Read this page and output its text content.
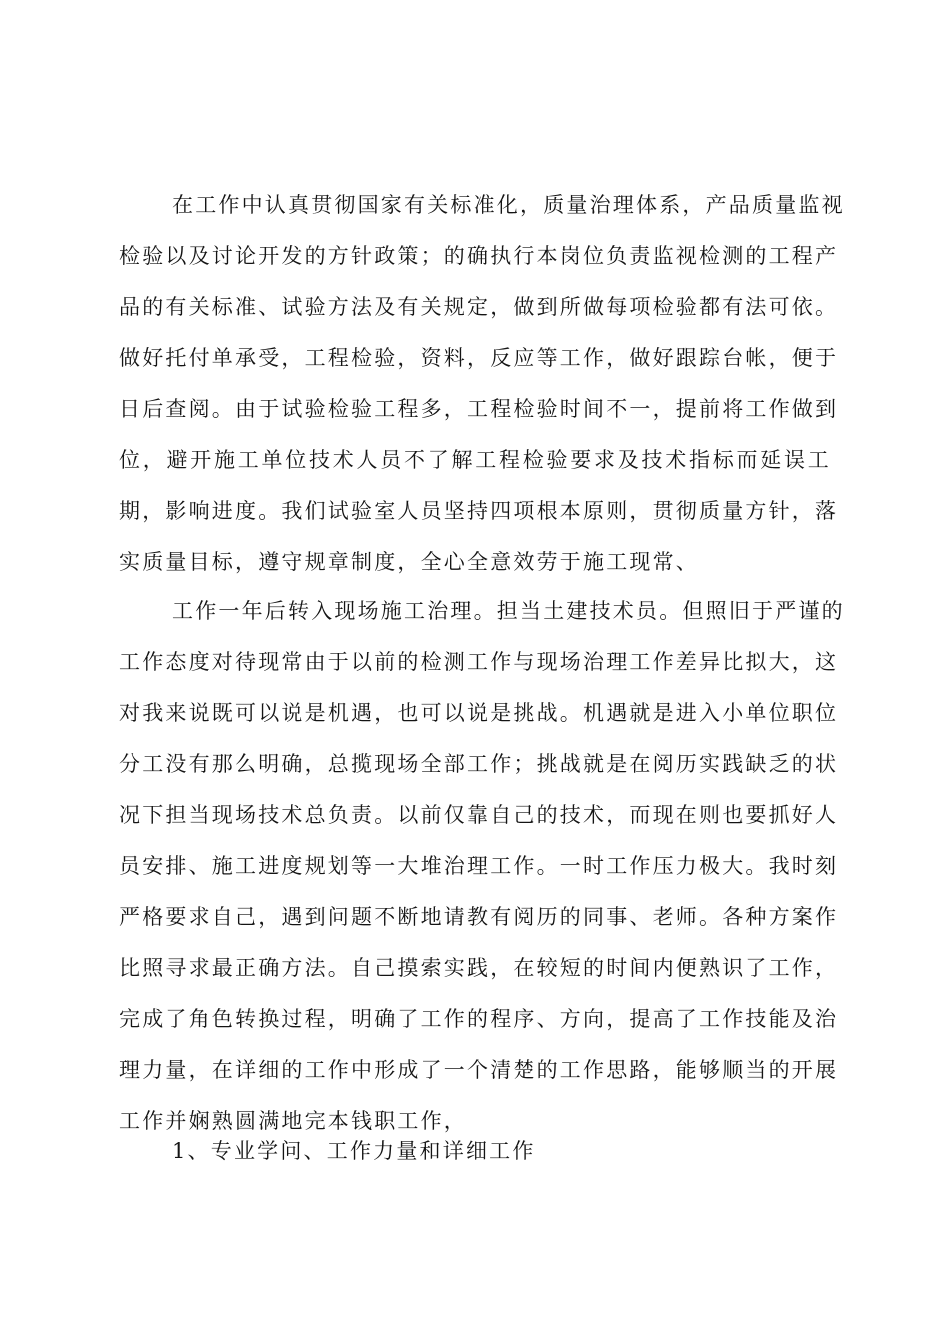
在工作中认真贯彻国家有关标准化，质量治理体系，产品质量监视
检验以及讨论开发的方针政策；的确执行本岗位负责监视检测的工程产
品的有关标准、试验方法及有关规定，做到所做每项检验都有法可依。
做好托付单承受，工程检验，资料，反应等工作，做好跟踪台帐，便于
日后查阅。由于试验检验工程多，工程检验时间不一，提前将工作做到
位，避开施工单位技术人员不了解工程检验要求及技术指标而延误工
期，影响进度。我们试验室人员坚持四项根本原则，贯彻质量方针，落
实质量目标，遵守规章制度，全心全意效劳于施工现常、
工作一年后转入现场施工治理。担当土建技术员。但照旧于严谨的
工作态度对待现常由于以前的检测工作与现场治理工作差异比拟大，这
对我来说既可以说是机遇，也可以说是挑战。机遇就是进入小单位职位
分工没有那么明确，总揽现场全部工作；挑战就是在阅历实践缺乏的状
况下担当现场技术总负责。以前仅靠自己的技术，而现在则也要抓好人
员安排、施工进度规划等一大堆治理工作。一时工作压力极大。我时刻
严格要求自己，遇到问题不断地请教有阅历的同事、老师。各种方案作
比照寻求最正确方法。自己摸索实践，在较短的时间内便熟识了工作，
完成了角色转换过程，明确了工作的程序、方向，提高了工作技能及治
理力量，在详细的工作中形成了一个清楚的工作思路，能够顺当的开展
工作并娴熟圆满地完本钱职工作，
1、专业学问、工作力量和详细工作
